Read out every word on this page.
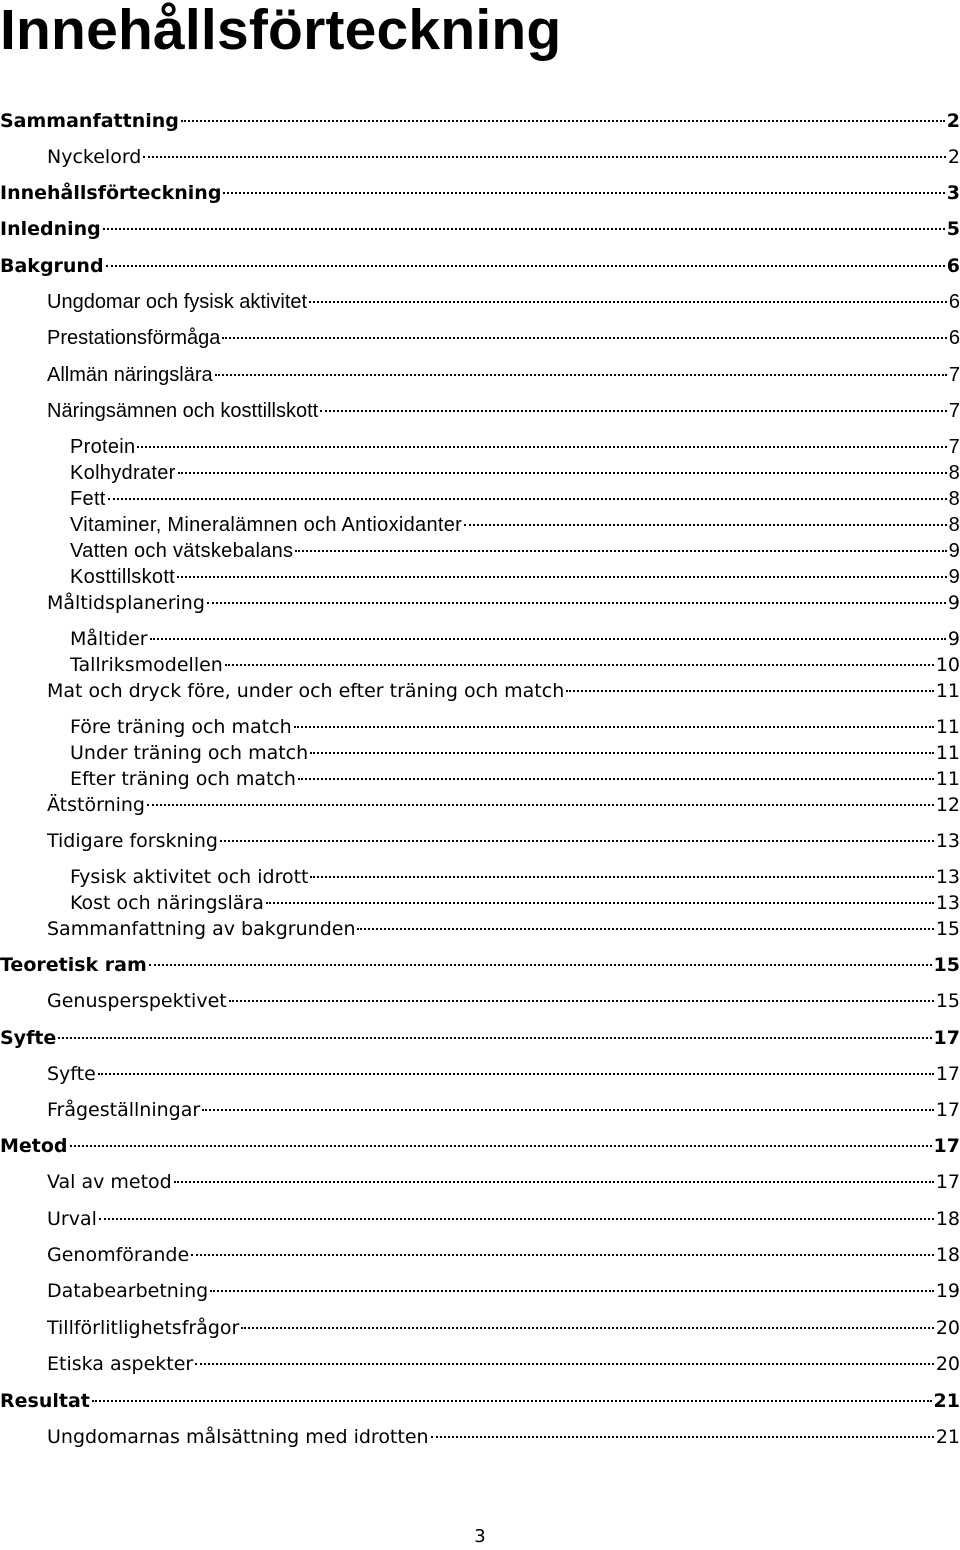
Innehållsförteckning
Sammanfattning	2
Nyckelord	2
Innehållsförteckning	3
Inledning	5
Bakgrund	6
Ungdomar och fysisk aktivitet	6
Prestationsförmåga	6
Allmän näringslära	7
Näringsämnen och kosttillskott	7
Protein	7
Kolhydrater	8
Fett	8
Vitaminer, Mineralämnen och Antioxidanter	8
Vatten och vätskebalans	9
Kosttillskott	9
Måltidsplanering	9
Måltider	9
Tallriksmodellen	10
Mat och dryck före, under och efter träning och match	11
Före träning och match	11
Under träning och match	11
Efter träning och match	11
Ätstörning	12
Tidigare forskning	13
Fysisk aktivitet och idrott	13
Kost och näringslära	13
Sammanfattning av bakgrunden	15
Teoretisk ram	15
Genusperspektivet	15
Syfte	17
Syfte	17
Frågeställningar	17
Metod	17
Val av metod	17
Urval	18
Genomförande	18
Databearbetning	19
Tillförlitlighetsfrågor	20
Etiska aspekter	20
Resultat	21
Ungdomarnas målsättning med idrotten	21
3
